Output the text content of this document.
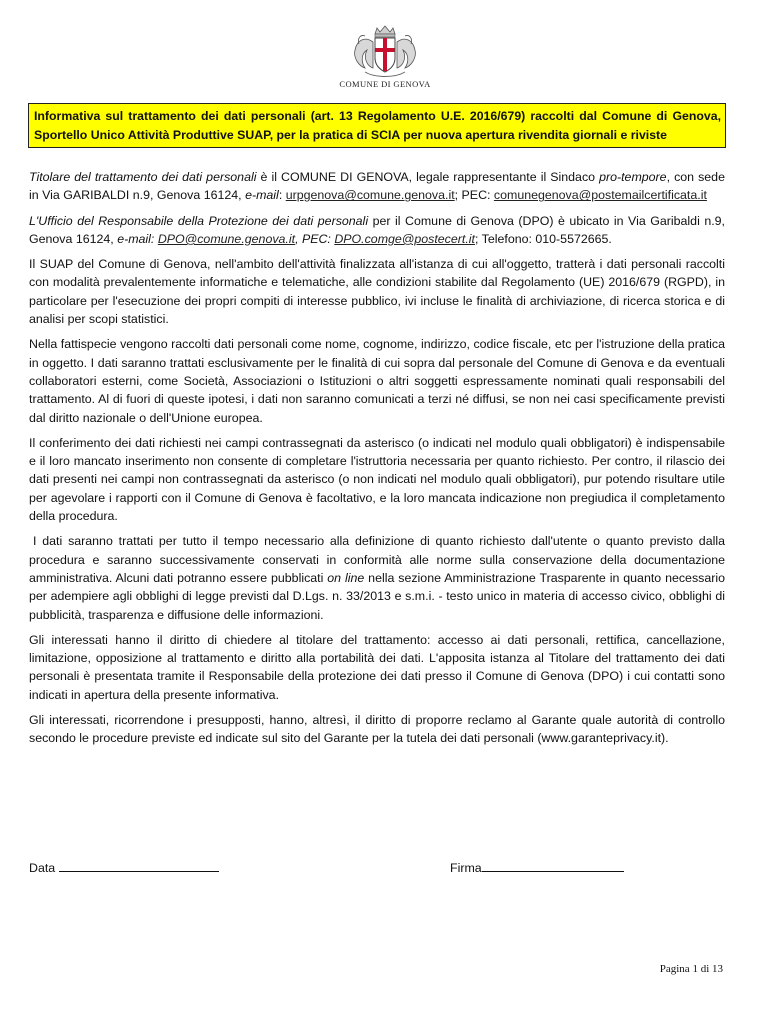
COMUNE DI GENOVA
Informativa sul trattamento dei dati personali (art. 13 Regolamento U.E. 2016/679) raccolti dal Comune di Genova, Sportello Unico Attività Produttive SUAP, per la pratica di SCIA per nuova apertura rivendita giornali e riviste

Titolare del trattamento dei dati personali è il COMUNE DI GENOVA, legale rappresentante il Sindaco pro-tempore, con sede in Via GARIBALDI n.9, Genova 16124, e-mail: urpgenova@comune.genova.it; PEC: comunegenova@postemailcertificata.it

L'Ufficio del Responsabile della Protezione dei dati personali per il Comune di Genova (DPO) è ubicato in Via Garibaldi n.9, Genova 16124, e-mail: DPO@comune.genova.it, PEC: DPO.comge@postecert.it; Telefono: 010-5572665.

Il SUAP del Comune di Genova, nell'ambito dell'attività finalizzata all'istanza di cui all'oggetto, tratterà i dati personali raccolti con modalità prevalentemente informatiche e telematiche, alle condizioni stabilite dal Regolamento (UE) 2016/679 (RGPD), in particolare per l'esecuzione dei propri compiti di interesse pubblico, ivi incluse le finalità di archiviazione, di ricerca storica e di analisi per scopi statistici.

Nella fattispecie vengono raccolti dati personali come nome, cognome, indirizzo, codice fiscale, etc per l'istruzione della pratica in oggetto. I dati saranno trattati esclusivamente per le finalità di cui sopra dal personale del Comune di Genova e da eventuali collaboratori esterni, come Società, Associazioni o Istituzioni o altri soggetti espressamente nominati quali responsabili del trattamento. Al di fuori di queste ipotesi, i dati non saranno comunicati a terzi né diffusi, se non nei casi specificamente previsti dal diritto nazionale o dell'Unione europea.

Il conferimento dei dati richiesti nei campi contrassegnati da asterisco (o indicati nel modulo quali obbligatori) è indispensabile e il loro mancato inserimento non consente di completare l'istruttoria necessaria per quanto richiesto. Per contro, il rilascio dei dati presenti nei campi non contrassegnati da asterisco (o non indicati nel modulo quali obbligatori), pur potendo risultare utile per agevolare i rapporti con il Comune di Genova è facoltativo, e la loro mancata indicazione non pregiudica il completamento della procedura.

I dati saranno trattati per tutto il tempo necessario alla definizione di quanto richiesto dall'utente o quanto previsto dalla procedura e saranno successivamente conservati in conformità alle norme sulla conservazione della documentazione amministrativa. Alcuni dati potranno essere pubblicati on line nella sezione Amministrazione Trasparente in quanto necessario per adempiere agli obblighi di legge previsti dal D.Lgs. n. 33/2013 e s.m.i. - testo unico in materia di accesso civico, obblighi di pubblicità, trasparenza e diffusione delle informazioni.

Gli interessati hanno il diritto di chiedere al titolare del trattamento: accesso ai dati personali, rettifica, cancellazione, limitazione, opposizione al trattamento e diritto alla portabilità dei dati. L'apposita istanza al Titolare del trattamento dei dati personali è presentata tramite il Responsabile della protezione dei dati presso il Comune di Genova (DPO) i cui contatti sono indicati in apertura della presente informativa.

Gli interessati, ricorrendone i presupposti, hanno, altresì, il diritto di proporre reclamo al Garante quale autorità di controllo secondo le procedure previste ed indicate sul sito del Garante per la tutela dei dati personali (www.garanteprivacy.it).

Data	Firma
Pagina 1 di 13
